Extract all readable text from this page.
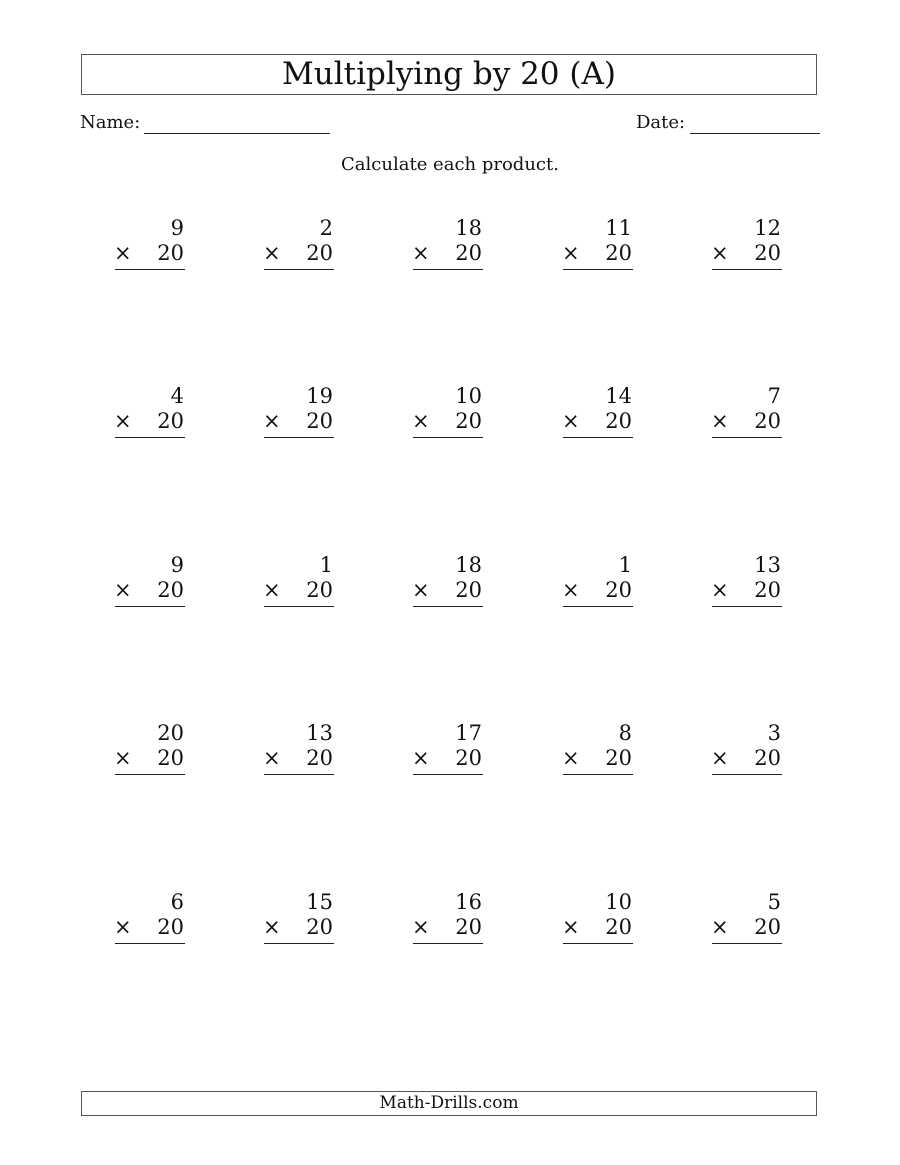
Multiplying by 20 (A)
Name:	Date:
Calculate each product.
9
× 20
2
× 20
18
× 20
11
× 20
12
× 20
4
× 20
19
× 20
10
× 20
14
× 20
7
× 20
9
× 20
1
× 20
18
× 20
1
× 20
13
× 20
20
× 20
13
× 20
17
× 20
8
× 20
3
× 20
6
× 20
15
× 20
16
× 20
10
× 20
5
× 20
Math-Drills.com
